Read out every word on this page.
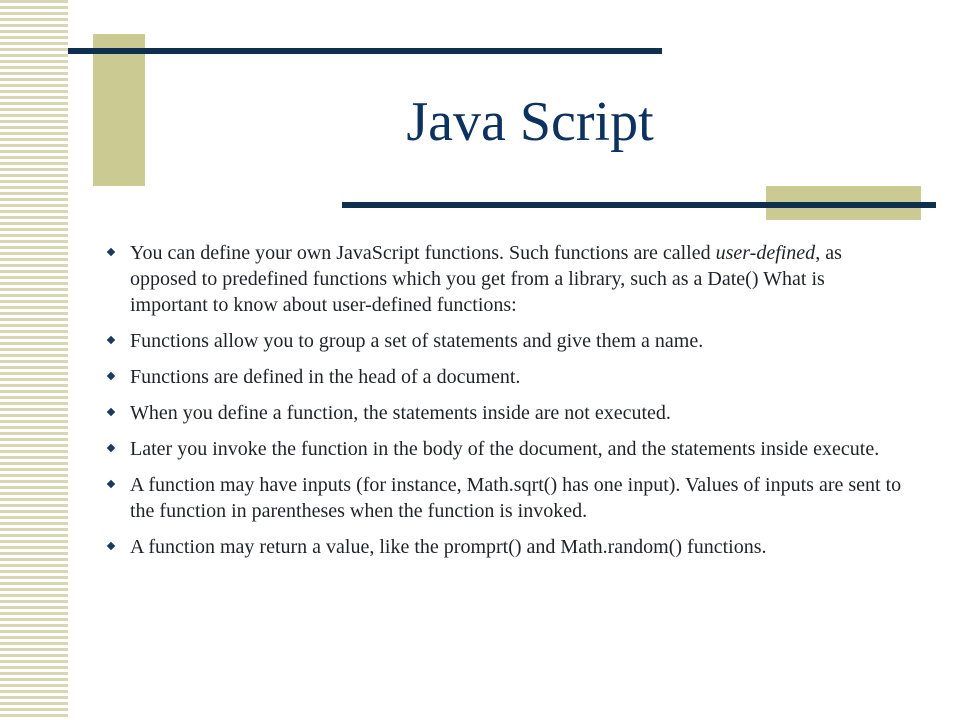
Java Script
You can define your own JavaScript functions. Such functions are called user-defined, as opposed to predefined functions which you get from a library, such as a Date() What is important to know about user-defined functions:
Functions allow you to group a set of statements and give them a name.
Functions are defined in the head of a document.
When you define a function, the statements inside are not executed.
Later you invoke the function in the body of the document, and the statements inside execute.
A function may have inputs (for instance, Math.sqrt() has one input). Values of inputs are sent to the function in parentheses when the function is invoked.
A function may return a value, like the promprt() and Math.random() functions.
